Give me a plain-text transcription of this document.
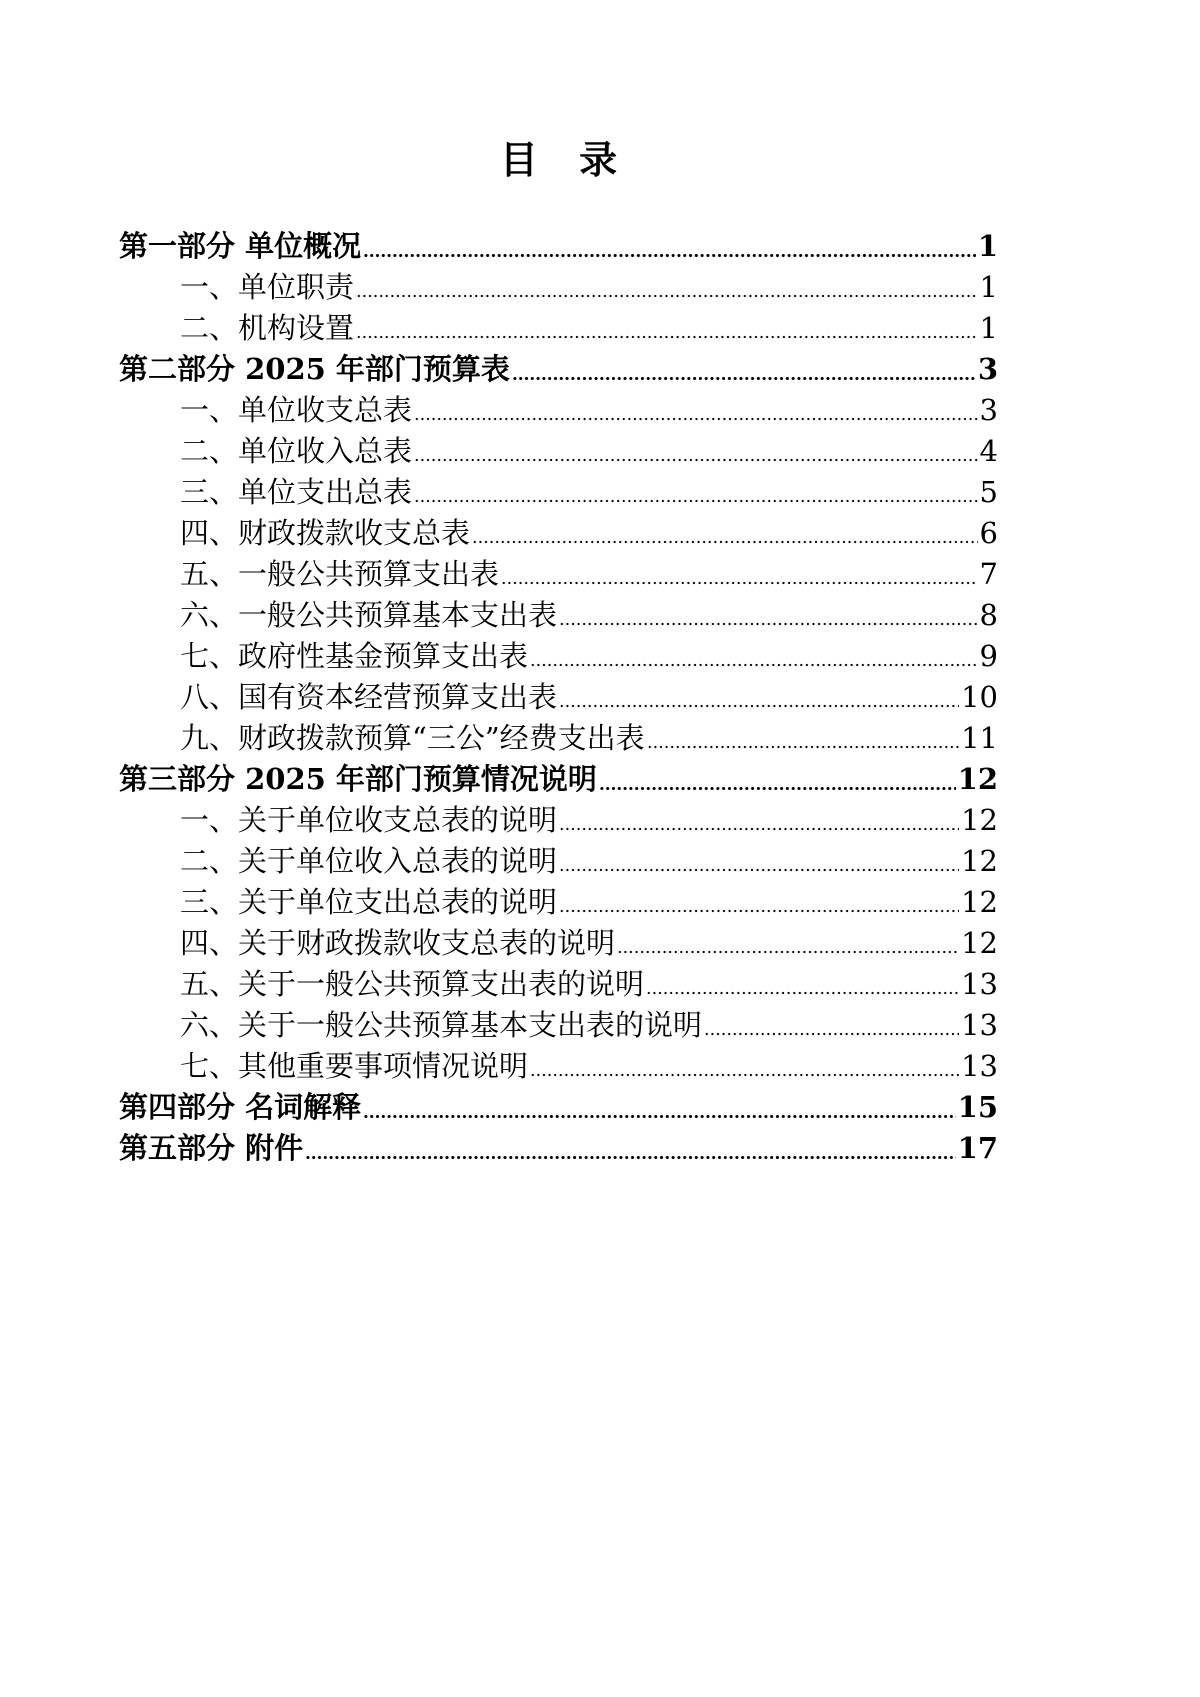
目 录
第一部分 单位概况	1
一、单位职责	1
二、机构设置	1
第二部分 2025 年部门预算表	3
一、单位收支总表	3
二、单位收入总表	4
三、单位支出总表	5
四、财政拨款收支总表	6
五、一般公共预算支出表	7
六、一般公共预算基本支出表	8
七、政府性基金预算支出表	9
八、国有资本经营预算支出表	10
九、财政拨款预算“三公”经费支出表	11
第三部分 2025 年部门预算情况说明	12
一、关于单位收支总表的说明	12
二、关于单位收入总表的说明	12
三、关于单位支出总表的说明	12
四、关于财政拨款收支总表的说明	12
五、关于一般公共预算支出表的说明	13
六、关于一般公共预算基本支出表的说明	13
七、其他重要事项情况说明	13
第四部分 名词解释	15
第五部分 附件	17
